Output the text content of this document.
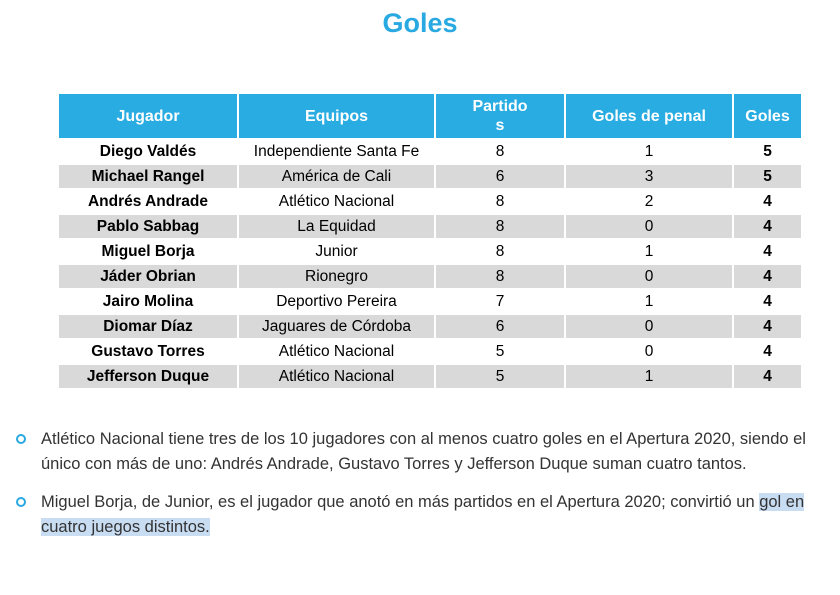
Goles
Jugador	Equipos	Partidos	Goles de penal	Goles
Diego Valdés	Independiente Santa Fe	8	1	5
Michael Rangel	América de Cali	6	3	5
Andrés Andrade	Atlético Nacional	8	2	4
Pablo Sabbag	La Equidad	8	0	4
Miguel Borja	Junior	8	1	4
Jáder Obrian	Rionegro	8	0	4
Jairo Molina	Deportivo Pereira	7	1	4
Diomar Díaz	Jaguares de Córdoba	6	0	4
Gustavo Torres	Atlético Nacional	5	0	4
Jefferson Duque	Atlético Nacional	5	1	4
Atlético Nacional tiene tres de los 10 jugadores con al menos cuatro goles en el Apertura 2020, siendo el único con más de uno: Andrés Andrade, Gustavo Torres y Jefferson Duque suman cuatro tantos.
Miguel Borja, de Junior, es el jugador que anotó en más partidos en el Apertura 2020; convirtió un gol en cuatro juegos distintos.
